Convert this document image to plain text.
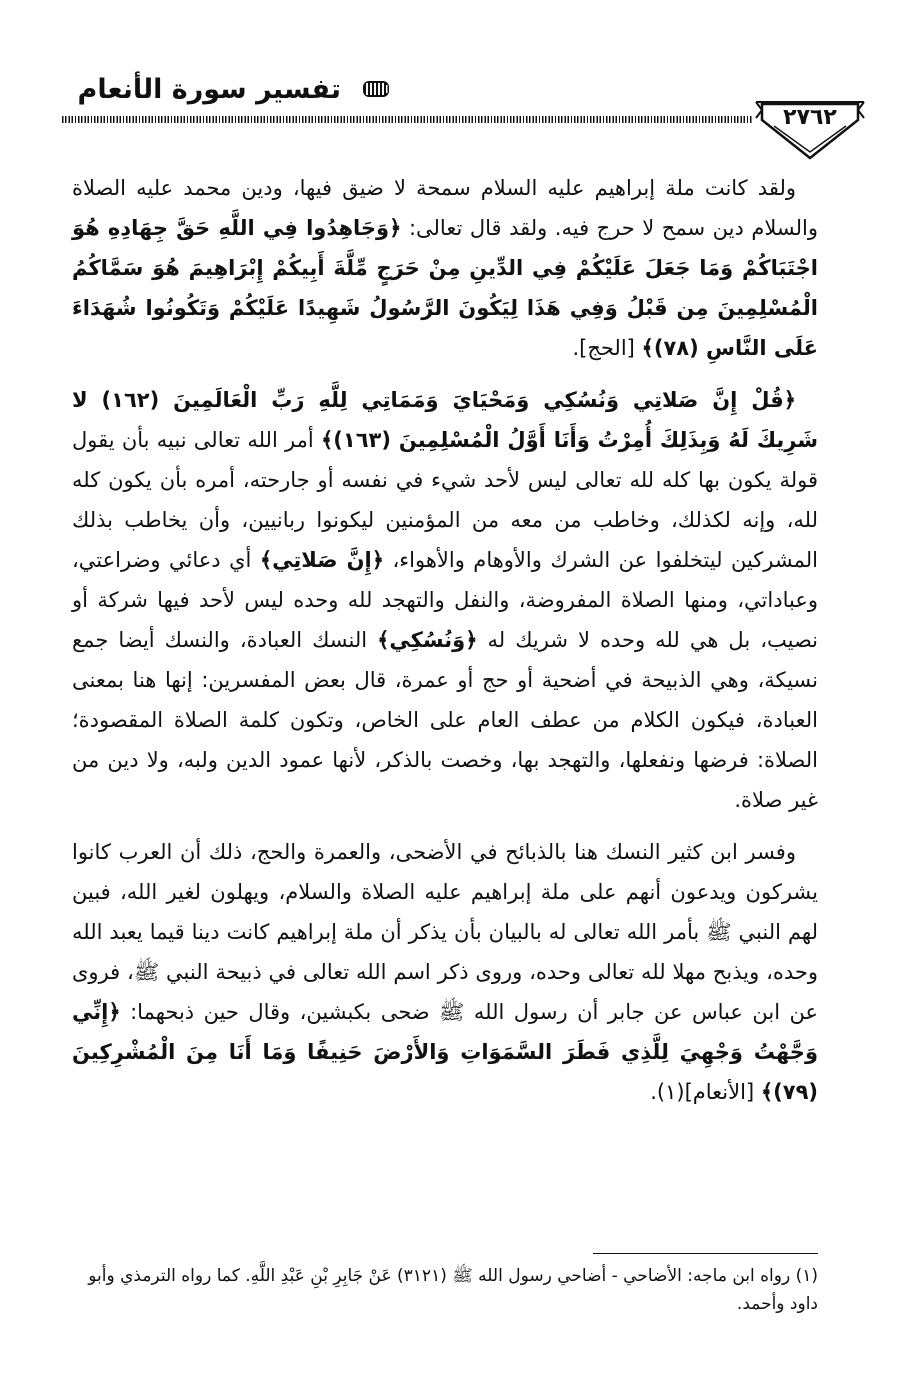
تفسير سورة الأنعام
٢٧٦٢

ولقد كانت ملة إبراهيم عليه السلام سمحة لا ضيق فيها، ودين محمد عليه الصلاة والسلام دين سمح لا حرج فيه. ولقد قال تعالى: ﴿وَجَاهِدُوا فِي اللَّهِ حَقَّ جِهَادِهِ هُوَ اجْتَبَاكُمْ وَمَا جَعَلَ عَلَيْكُمْ فِي الدِّينِ مِنْ حَرَجٍ مِّلَّةَ أَبِيكُمْ إِبْرَاهِيمَ هُوَ سَمَّاكُمُ الْمُسْلِمِينَ مِن قَبْلُ وَفِي هَذَا لِيَكُونَ الرَّسُولُ شَهِيدًا عَلَيْكُمْ وَتَكُونُوا شُهَدَاءَ عَلَى النَّاسِ (٧٨)﴾ [الحج].

﴿قُلْ إِنَّ صَلاتِي وَنُسُكِي وَمَحْيَايَ وَمَمَاتِي لِلَّهِ رَبِّ الْعَالَمِينَ (١٦٢) لا شَرِيكَ لَهُ وَبِذَلِكَ أُمِرْتُ وَأَنَا أَوَّلُ الْمُسْلِمِينَ (١٦٣)﴾ أمر الله تعالى نبيه بأن يقول قولة يكون بها كله لله تعالى ليس لأحد شيء في نفسه أو جارحته، أمره بأن يكون كله لله، وإنه لكذلك، وخاطب من معه من المؤمنين ليكونوا ربانيين، وأن يخاطب بذلك المشركين ليتخلفوا عن الشرك والأوهام والأهواء، ﴿إِنَّ صَلاتِي﴾ أي دعائي وضراعتي، وعباداتي، ومنها الصلاة المفروضة، والنفل والتهجد لله وحده ليس لأحد فيها شركة أو نصيب، بل هي لله وحده لا شريك له ﴿وَنُسُكِي﴾ النسك العبادة، والنسك أيضا جمع نسيكة، وهي الذبيحة في أضحية أو حج أو عمرة، قال بعض المفسرين: إنها هنا بمعنى العبادة، فيكون الكلام من عطف العام على الخاص، وتكون كلمة الصلاة المقصودة؛ الصلاة: فرضها ونفعلها، والتهجد بها، وخصت بالذكر، لأنها عمود الدين ولبه، ولا دين من غير صلاة.

وفسر ابن كثير النسك هنا بالذبائح في الأضحى، والعمرة والحج، ذلك أن العرب كانوا يشركون ويدعون أنهم على ملة إبراهيم عليه الصلاة والسلام، ويهلون لغير الله، فبين لهم النبي ﷺ بأمر الله تعالى له بالبيان بأن يذكر أن ملة إبراهيم كانت دينا قيما يعبد الله وحده، ويذبح مهلا لله تعالى وحده، وروى ذكر اسم الله تعالى في ذبيحة النبي ﷺ، فروى عن ابن عباس عن جابر أن رسول الله ﷺ ضحى بكبشين، وقال حين ذبحهما: ﴿إِنِّي وَجَّهْتُ وَجْهِيَ لِلَّذِي فَطَرَ السَّمَوَاتِ وَالأَرْضَ حَنِيفًا وَمَا أَنَا مِنَ الْمُشْرِكِينَ (٧٩)﴾ [الأنعام](١).

(١) رواه ابن ماجه: الأضاحي - أضاحي رسول الله ﷺ (٣١٢١) عَنْ جَابِرِ بْنِ عَبْدِ اللَّهِ. كما رواه الترمذي وأبو داود وأحمد.
